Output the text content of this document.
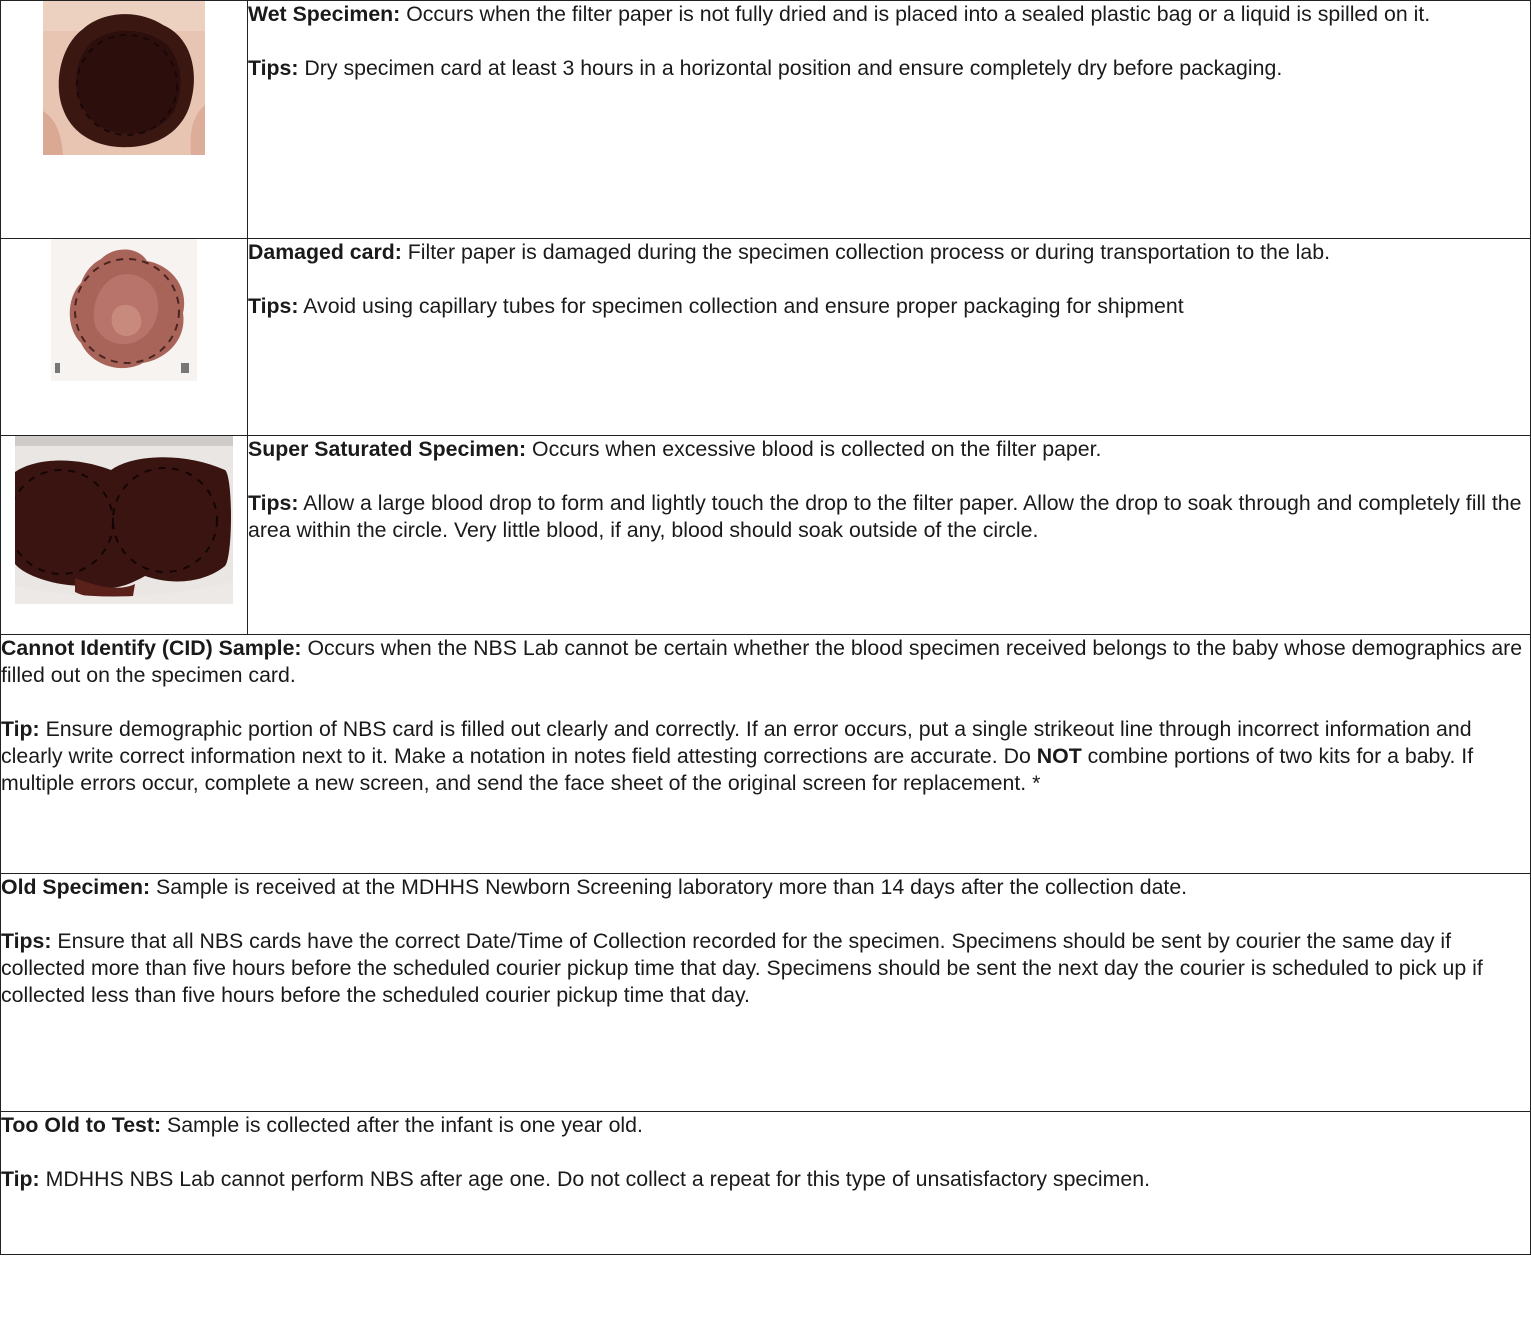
Wet Specimen: Occurs when the filter paper is not fully dried and is placed into a sealed plastic bag or a liquid is spilled on it.

Tips: Dry specimen card at least 3 hours in a horizontal position and ensure completely dry before packaging.

Damaged card: Filter paper is damaged during the specimen collection process or during transportation to the lab.

Tips: Avoid using capillary tubes for specimen collection and ensure proper packaging for shipment

Super Saturated Specimen: Occurs when excessive blood is collected on the filter paper.

Tips: Allow a large blood drop to form and lightly touch the drop to the filter paper. Allow the drop to soak through and completely fill the area within the circle. Very little blood, if any, blood should soak outside of the circle.

Cannot Identify (CID) Sample: Occurs when the NBS Lab cannot be certain whether the blood specimen received belongs to the baby whose demographics are filled out on the specimen card.

Tip: Ensure demographic portion of NBS card is filled out clearly and correctly. If an error occurs, put a single strikeout line through incorrect information and clearly write correct information next to it. Make a notation in notes field attesting corrections are accurate. Do NOT combine portions of two kits for a baby. If multiple errors occur, complete a new screen, and send the face sheet of the original screen for replacement. *	

Old Specimen: Sample is received at the MDHHS Newborn Screening laboratory more than 14 days after the collection date.

Tips: Ensure that all NBS cards have the correct Date/Time of Collection recorded for the specimen. Specimens should be sent by courier the same day if collected more than five hours before the scheduled courier pickup time that day. Specimens should be sent the next day the courier is scheduled to pick up if collected less than five hours before the scheduled courier pickup time that day.	

Too Old to Test: Sample is collected after the infant is one year old.

Tip: MDHHS NBS Lab cannot perform NBS after age one. Do not collect a repeat for this type of unsatisfactory specimen.	
